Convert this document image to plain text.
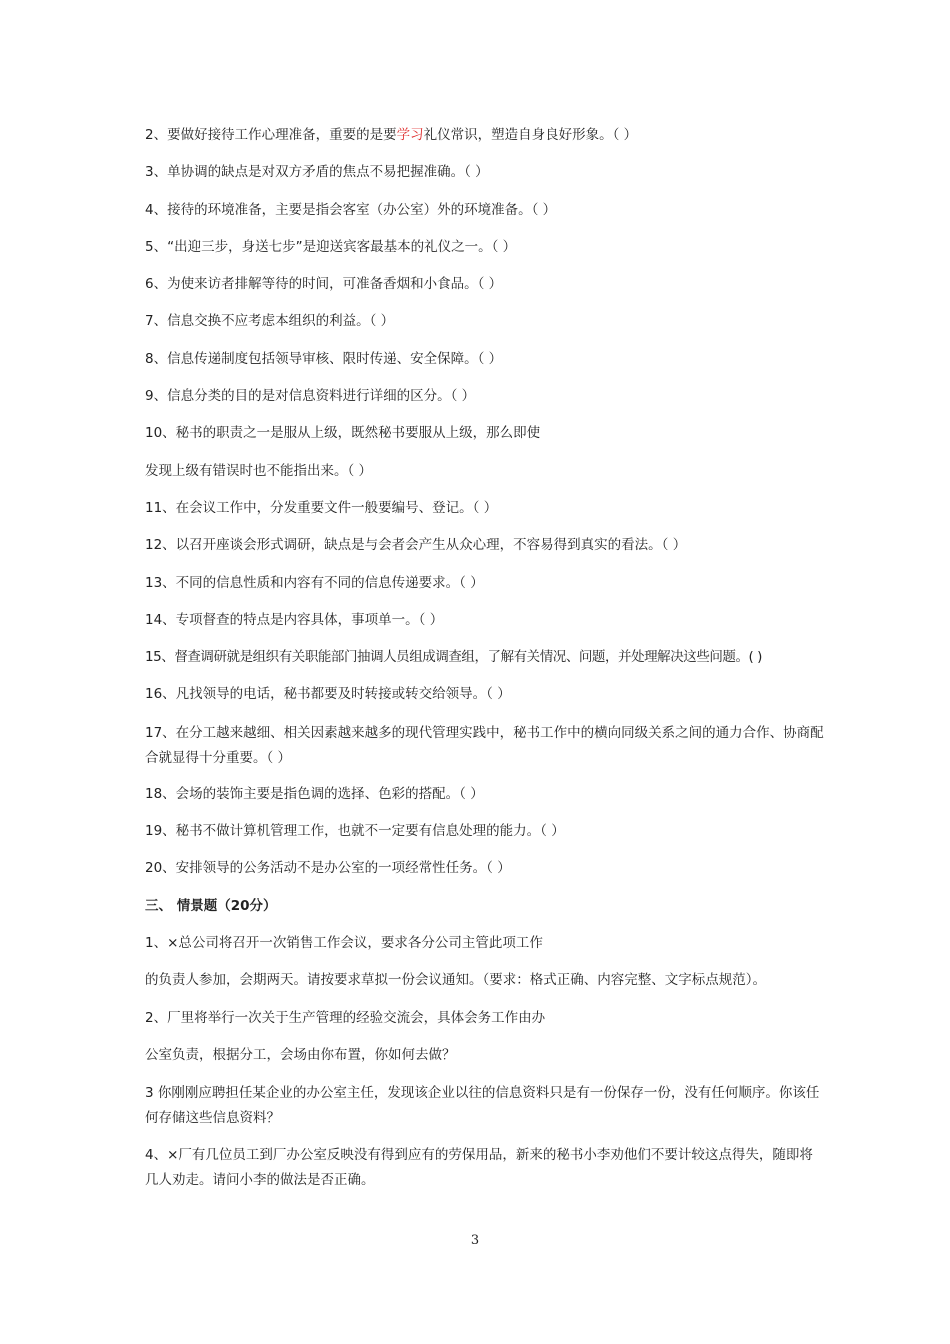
2、要做好接待工作心理准备，重要的是要学习礼仪常识，塑造自身良好形象。（ ）

3、单协调的缺点是对双方矛盾的焦点不易把握准确。（ ）

4、接待的环境准备，主要是指会客室（办公室）外的环境准备。（ ）

5、“出迎三步，身送七步”是迎送宾客最基本的礼仪之一。（ ）

6、为使来访者排解等待的时间，可准备香烟和小食品。（ ）

7、信息交换不应考虑本组织的利益。（ ）

8、信息传递制度包括领导审核、限时传递、安全保障。（ ）

9、信息分类的目的是对信息资料进行详细的区分。（ ）

10、秘书的职责之一是服从上级，既然秘书要服从上级，那么即使

发现上级有错误时也不能指出来。（ ）

11、在会议工作中，分发重要文件一般要编号、登记。（ ）

12、以召开座谈会形式调研，缺点是与会者会产生从众心理，不容易得到真实的看法。（ ）

13、不同的信息性质和内容有不同的信息传递要求。（ ）

14、专项督查的特点是内容具体，事项单一。（ ）

15、督查调研就是组织有关职能部门抽调人员组成调查组，了解有关情况、问题，并处理解决这些问题。( )

16、凡找领导的电话，秘书都要及时转接或转交给领导。（ ）

17、在分工越来越细、相关因素越来越多的现代管理实践中，秘书工作中的横向同级关系之间的通力合作、协商配合就显得十分重要。（ ）

18、会场的装饰主要是指色调的选择、色彩的搭配。（ ）

19、秘书不做计算机管理工作，也就不一定要有信息处理的能力。（ ）

20、安排领导的公务活动不是办公室的一项经常性任务。（ ）

三、 情景题（20分）

1、×总公司将召开一次销售工作会议，要求各分公司主管此项工作

的负责人参加，会期两天。请按要求草拟一份会议通知。（要求：格式正确、内容完整、文字标点规范）。

2、厂里将举行一次关于生产管理的经验交流会，具体会务工作由办

公室负责，根据分工，会场由你布置，你如何去做？

3 你刚刚应聘担任某企业的办公室主任，发现该企业以往的信息资料只是有一份保存一份，没有任何顺序。你该任何存储这些信息资料？

4、×厂有几位员工到厂办公室反映没有得到应有的劳保用品，新来的秘书小李劝他们不要计较这点得失，随即将几人劝走。请问小李的做法是否正确。

3
